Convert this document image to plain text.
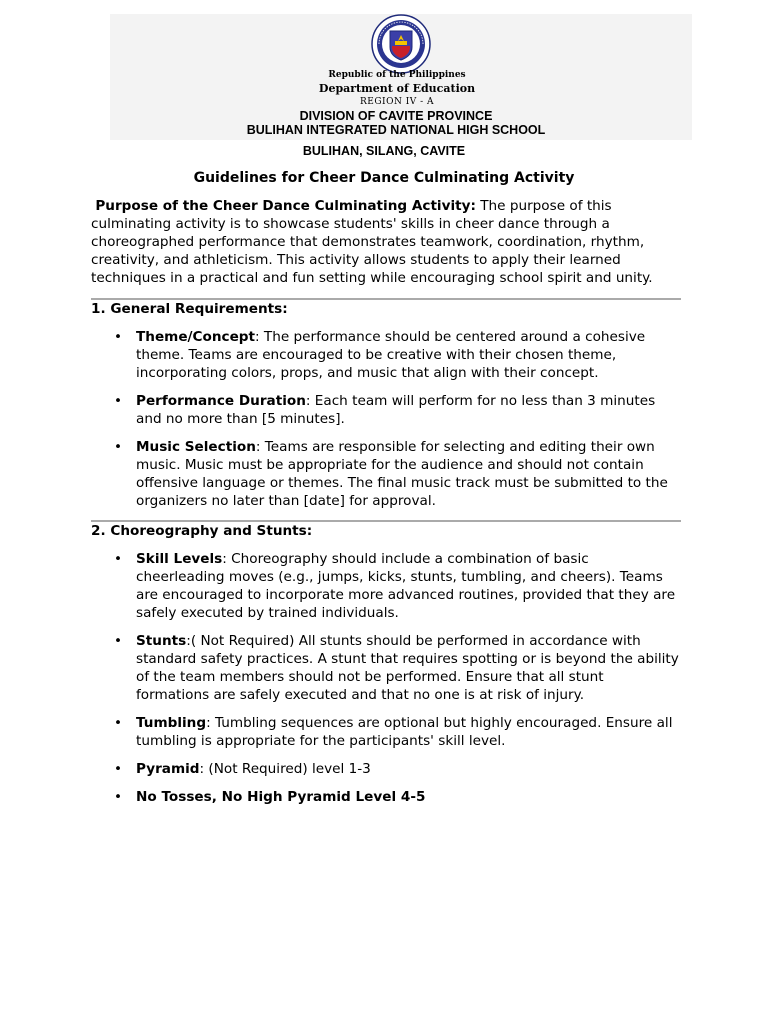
Republic of the Philippines
Department of Education
REGION IV - A
DIVISION OF CAVITE PROVINCE
BULIHAN INTEGRATED NATIONAL HIGH SCHOOL
BULIHAN, SILANG, CAVITE
Guidelines for Cheer Dance Culminating Activity

Purpose of the Cheer Dance Culminating Activity: The purpose of this culminating activity is to showcase students' skills in cheer dance through a choreographed performance that demonstrates teamwork, coordination, rhythm, creativity, and athleticism. This activity allows students to apply their learned techniques in a practical and fun setting while encouraging school spirit and unity.

1. General Requirements:

• Theme/Concept: The performance should be centered around a cohesive theme. Teams are encouraged to be creative with their chosen theme, incorporating colors, props, and music that align with their concept.
• Performance Duration: Each team will perform for no less than 3 minutes and no more than [5 minutes].
• Music Selection: Teams are responsible for selecting and editing their own music. Music must be appropriate for the audience and should not contain offensive language or themes. The final music track must be submitted to the organizers no later than [date] for approval.

2. Choreography and Stunts:

• Skill Levels: Choreography should include a combination of basic cheerleading moves (e.g., jumps, kicks, stunts, tumbling, and cheers). Teams are encouraged to incorporate more advanced routines, provided that they are safely executed by trained individuals.
• Stunts:( Not Required) All stunts should be performed in accordance with standard safety practices. A stunt that requires spotting or is beyond the ability of the team members should not be performed. Ensure that all stunt formations are safely executed and that no one is at risk of injury.
• Tumbling: Tumbling sequences are optional but highly encouraged. Ensure all tumbling is appropriate for the participants' skill level.
• Pyramid: (Not Required) level 1-3
• No Tosses, No High Pyramid Level 4-5
